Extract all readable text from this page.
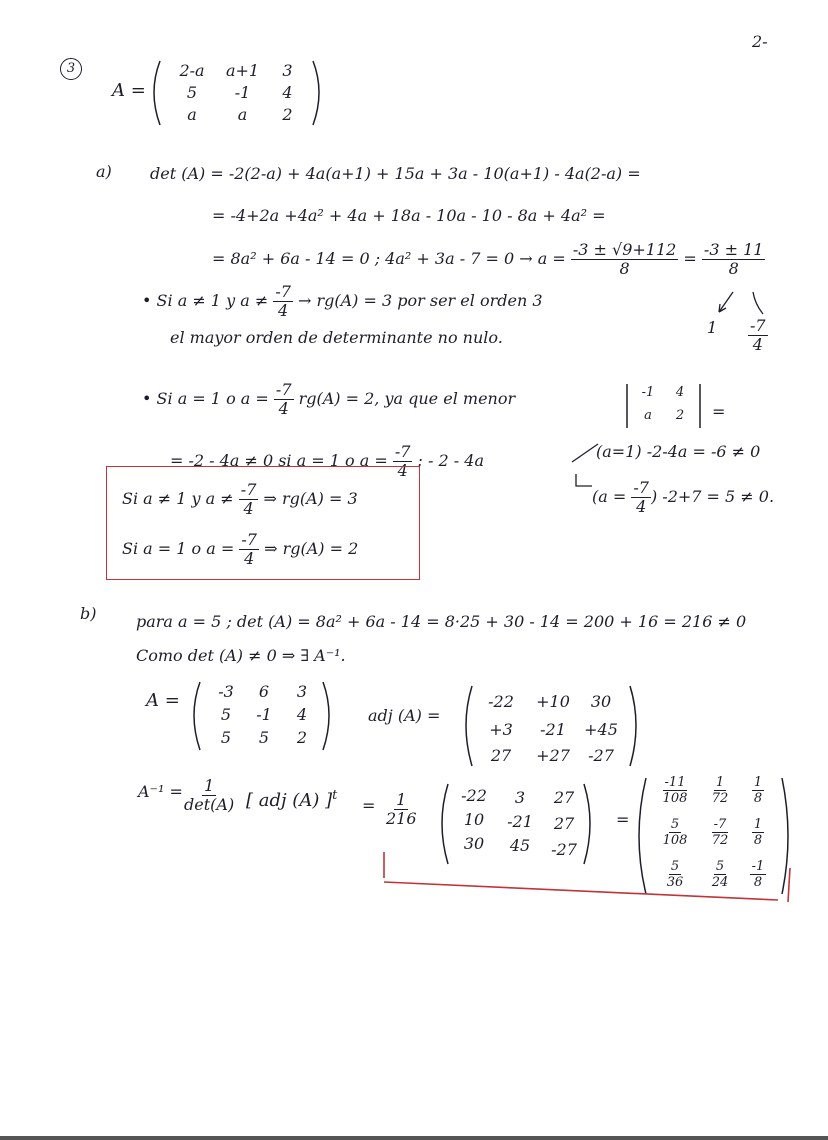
2-
3
A =
2-a	a+1	3
5	-1	4
a	a	2
a) det (A) = -2(2-a) + 4a(a+1) + 15a + 3a - 10(a+1) - 4a(2-a) =
= -4+2a +4a² + 4a + 18a - 10a - 10 - 8a + 4a² =
= 8a² + 6a - 14 = 0 ; $4a^2 + 3a - 7 = 0 \to a = \frac{-3 \pm √9+112}{8} = \frac{-3 \pm 11}{8}$
$1 \frac{-7}{4}$
• Si a ≠ 1 y $a \ne \frac{-7}{4} \to rg(A) = 3$ por ser el orden 3
el mayor orden de determinante no nulo.
• Si a = 1 o $a = \frac{-7}{4} rg(A) = 2$, ya que el menor	-1	4
a	2	=
= -2 - 4a ≠ 0 si a = 1 o $a = \frac{-7}{4}$ : - 2 - 4a	(a=1) -2-4a = -6 ≠ 0
($a = \frac{-7}{4}$ ) -2+7 = 5 ≠ 0.
Si a ≠ 1 y $a \ne \frac{-7}{4}$ ⇒ rg(A) = 3
Si a = 1 o $a = \frac{-7}{4}$ ⇒ rg(A) = 2
b) para a = 5 ; det (A) = 8a² + 6a - 14 = 8·25 + 30 - 14 = 200 + 16 = 216 ≠ 0
Como det (A) ≠ 0 ⇒ ∃ A⁻¹.
A =	-3	6	3
5	-1	4
5	5	2
adj (A) =
-22	+10	30
+3	-21	+45
27	+27	-27
$A^{-1} = \frac{1}{\det(A)}$ [ adj (A) ]$^t$
= $\frac{1}{216}$	-22	3	27
10	-21	27
30	45	-27
=
$\frac{-11}{108} \frac{1}{72} \frac{1}{8}$
$\frac{5}{108} \frac{-7}{72} \frac{1}{8}$
$\frac{5}{36} \frac{5}{24} \frac{-1}{8}$
